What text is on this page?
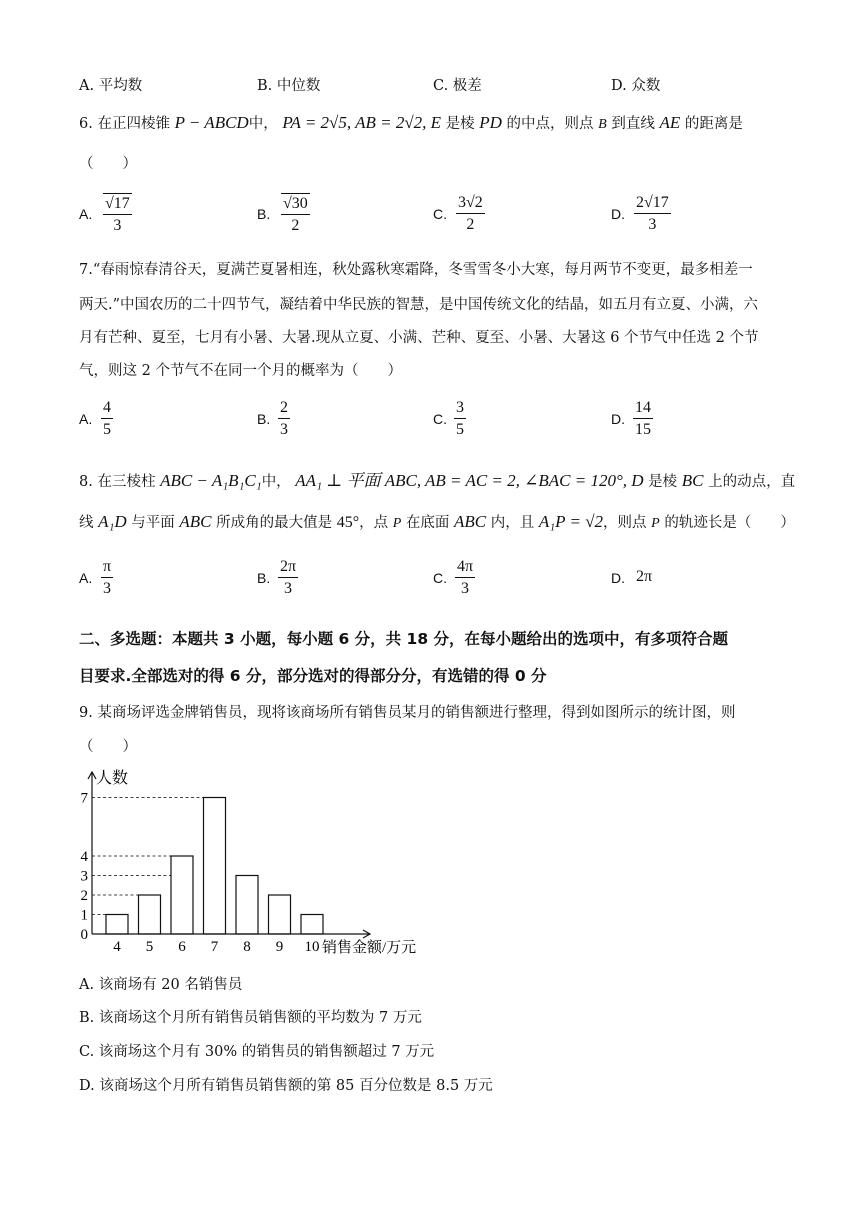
A. 平均数	B. 中位数	C. 极差	D. 众数
6. 在正四棱锥 P − ABCD中， PA = 2√5, AB = 2√2, E 是棱 PD 的中点，则点 B 到直线 AE 的距离是
（　　）
A.
√17
3
B.
√30
2
C.
3√2
2
D.
2√17
3
7.“春雨惊春清谷天，夏满芒夏暑相连，秋处露秋寒霜降，冬雪雪冬小大寒，每月两节不变更，最多相差一
两天.”中国农历的二十四节气，凝结着中华民族的智慧，是中国传统文化的结晶，如五月有立夏、小满，六
月有芒种、夏至，七月有小暑、大暑.现从立夏、小满、芒种、夏至、小暑、大暑这 6 个节气中任选 2 个节
气，则这 2 个节气不在同一个月的概率为（　　）
A.
4
5
B.
2
3
C.
3
5
D.
14
15
8. 在三棱柱 ABC − A₁B₁C₁中， AA₁ ⊥ 平面 ABC, AB = AC = 2, ∠BAC = 120°, D 是棱 BC 上的动点，直
线 A₁D 与平面 ABC 所成角的最大值是 45°，点 P 在底面 ABC 内，且 A₁P = √2，则点 P 的轨迹长是（　　）
A.
π
3
B.
2π
3
C.
4π
3
D. 2π
二、多选题：本题共 3 小题，每小题 6 分，共 18 分，在每小题给出的选项中，有多项符合题
目要求.全部选对的得 6 分，部分选对的得部分分，有选错的得 0 分
9. 某商场评选金牌销售员，现将该商场所有销售员某月的销售额进行整理，得到如图所示的统计图，则
（　　）
4 5 6 7 8 9 10
0
1
2
3
4
7
人数
销售金额/万元
A. 该商场有 20 名销售员
B. 该商场这个月所有销售员销售额的平均数为 7 万元
C. 该商场这个月有 30% 的销售员的销售额超过 7 万元
D. 该商场这个月所有销售员销售额的第 85 百分位数是 8.5 万元
